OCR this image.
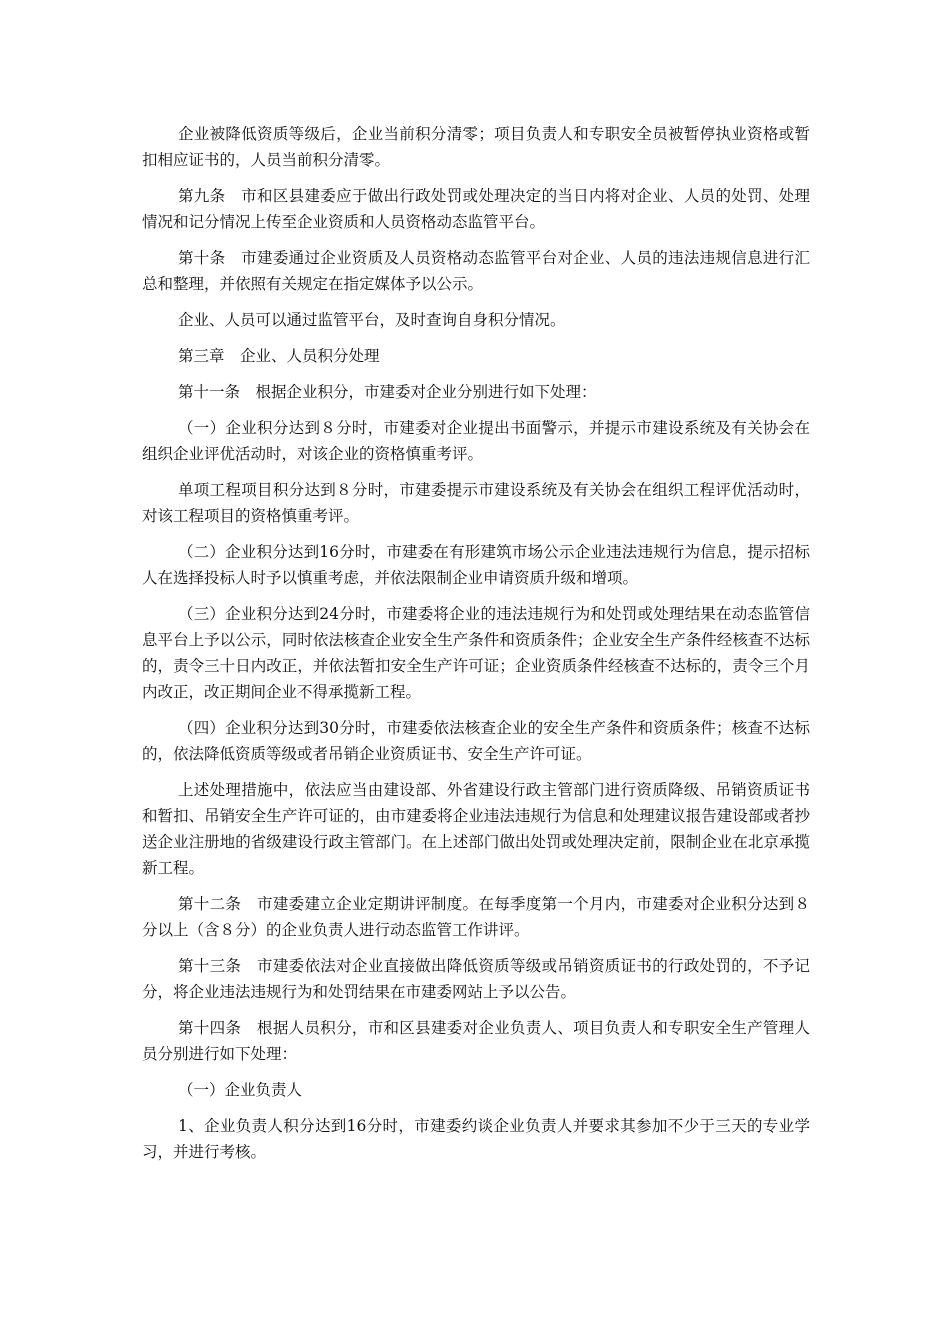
企业被降低资质等级后，企业当前积分清零；项目负责人和专职安全员被暂停执业资格或暂扣相应证书的，人员当前积分清零。

第九条　市和区县建委应于做出行政处罚或处理决定的当日内将对企业、人员的处罚、处理情况和记分情况上传至企业资质和人员资格动态监管平台。

第十条　市建委通过企业资质及人员资格动态监管平台对企业、人员的违法违规信息进行汇总和整理，并依照有关规定在指定媒体予以公示。

企业、人员可以通过监管平台，及时查询自身积分情况。

第三章　企业、人员积分处理

第十一条　根据企业积分，市建委对企业分别进行如下处理：

（一）企业积分达到８分时，市建委对企业提出书面警示，并提示市建设系统及有关协会在组织企业评优活动时，对该企业的资格慎重考评。

单项工程项目积分达到８分时，市建委提示市建设系统及有关协会在组织工程评优活动时，对该工程项目的资格慎重考评。

（二）企业积分达到16分时，市建委在有形建筑市场公示企业违法违规行为信息，提示招标人在选择投标人时予以慎重考虑，并依法限制企业申请资质升级和增项。

（三）企业积分达到24分时，市建委将企业的违法违规行为和处罚或处理结果在动态监管信息平台上予以公示，同时依法核查企业安全生产条件和资质条件；企业安全生产条件经核查不达标的，责令三十日内改正，并依法暂扣安全生产许可证；企业资质条件经核查不达标的，责令三个月内改正，改正期间企业不得承揽新工程。

（四）企业积分达到30分时，市建委依法核查企业的安全生产条件和资质条件；核查不达标的，依法降低资质等级或者吊销企业资质证书、安全生产许可证。

上述处理措施中，依法应当由建设部、外省建设行政主管部门进行资质降级、吊销资质证书和暂扣、吊销安全生产许可证的，由市建委将企业违法违规行为信息和处理建议报告建设部或者抄送企业注册地的省级建设行政主管部门。在上述部门做出处罚或处理决定前，限制企业在北京承揽新工程。

第十二条　市建委建立企业定期讲评制度。在每季度第一个月内，市建委对企业积分达到８分以上（含８分）的企业负责人进行动态监管工作讲评。

第十三条　市建委依法对企业直接做出降低资质等级或吊销资质证书的行政处罚的，不予记分，将企业违法违规行为和处罚结果在市建委网站上予以公告。

第十四条　根据人员积分，市和区县建委对企业负责人、项目负责人和专职安全生产管理人员分别进行如下处理：

（一）企业负责人

1、企业负责人积分达到16分时，市建委约谈企业负责人并要求其参加不少于三天的专业学习，并进行考核。
